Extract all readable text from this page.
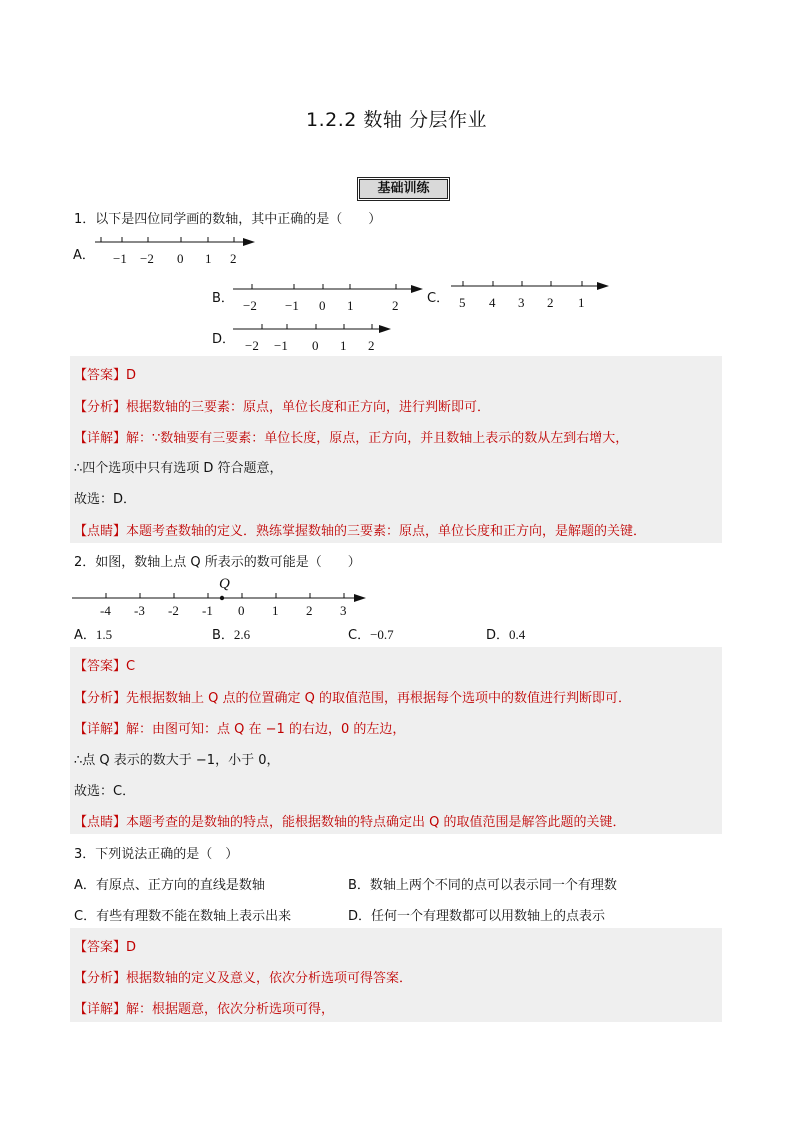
1.2.2 数轴 分层作业
基础训练
1．以下是四位同学画的数轴，其中正确的是（　　）
A． −1 −2 0 1 2
B． −2 −1 0 1	2 C． 5 4 3 2 1
D． −2 −1 0 1 2
【答案】D
【分析】根据数轴的三要素：原点，单位长度和正方向，进行判断即可．
【详解】解：∵数轴要有三要素：单位长度，原点，正方向，并且数轴上表示的数从左到右增大，
∴四个选项中只有选项 D 符合题意，
故选：D．
【点睛】本题考查数轴的定义．熟练掌握数轴的三要素：原点，单位长度和正方向，是解题的关键．
2．如图，数轴上点 Q 所表示的数可能是（　　）
Q
-4 -3 -2 -1 0 1 2 3
A．1.5	B．2.6	C．−0.7	D．0.4
【答案】C
【分析】先根据数轴上 Q 点的位置确定 Q 的取值范围，再根据每个选项中的数值进行判断即可．
【详解】解：由图可知：点 Q 在 −1 的右边，0 的左边，
∴点 Q 表示的数大于 −1，小于 0，
故选：C．
【点睛】本题考查的是数轴的特点，能根据数轴的特点确定出 Q 的取值范围是解答此题的关键．
3．下列说法正确的是（　）
A．有原点、正方向的直线是数轴	B．数轴上两个不同的点可以表示同一个有理数
C．有些有理数不能在数轴上表示出来	D．任何一个有理数都可以用数轴上的点表示
【答案】D
【分析】根据数轴的定义及意义，依次分析选项可得答案．
【详解】解：根据题意，依次分析选项可得，
